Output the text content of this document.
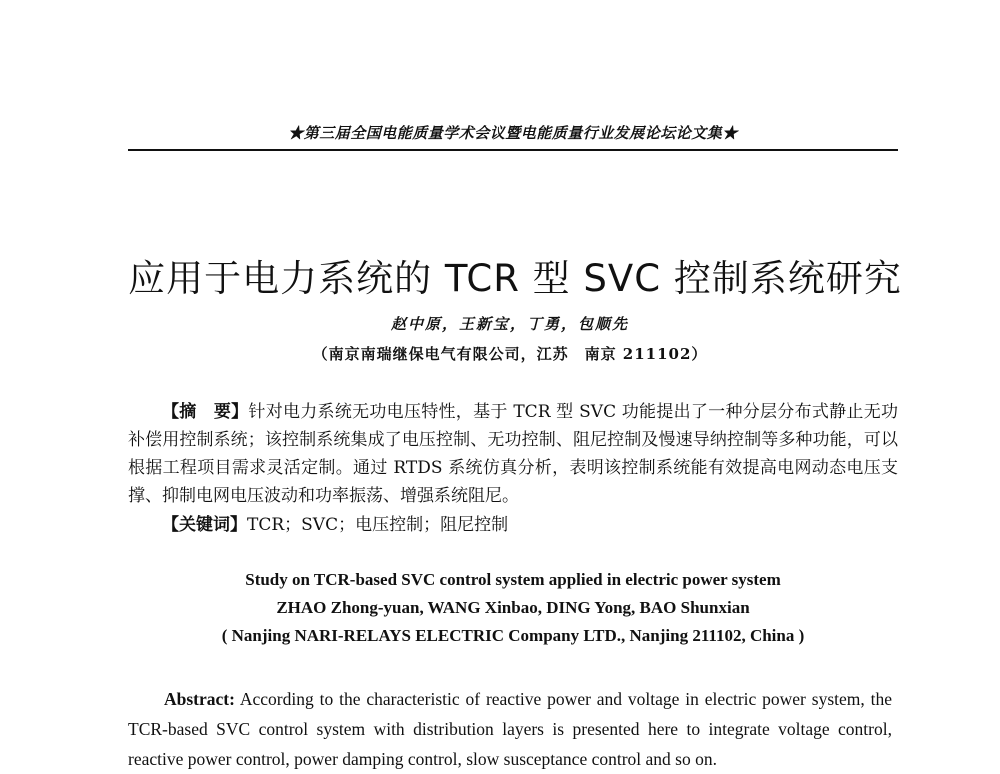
★第三届全国电能质量学术会议暨电能质量行业发展论坛论文集★
应用于电力系统的 TCR 型 SVC 控制系统研究
赵中原，王新宝，丁勇，包顺先
（南京南瑞继保电气有限公司，江苏　南京 211102）
【摘　要】针对电力系统无功电压特性，基于 TCR 型 SVC 功能提出了一种分层分布式静止无功补偿用控制系统；该控制系统集成了电压控制、无功控制、阻尼控制及慢速导纳控制等多种功能，可以根据工程项目需求灵活定制。通过 RTDS 系统仿真分析，表明该控制系统能有效提高电网动态电压支撑、抑制电网电压波动和功率振荡、增强系统阻尼。
【关键词】TCR；SVC；电压控制；阻尼控制
Study on TCR-based SVC control system applied in electric power system
ZHAO Zhong-yuan, WANG Xinbao, DING Yong, BAO Shunxian
( Nanjing NARI-RELAYS ELECTRIC Company LTD., Nanjing 211102, China )
Abstract: According to the characteristic of reactive power and voltage in electric power system, the TCR-based SVC control system with distribution layers is presented here to integrate voltage control, reactive power control, power damping control, slow susceptance control and so on.
